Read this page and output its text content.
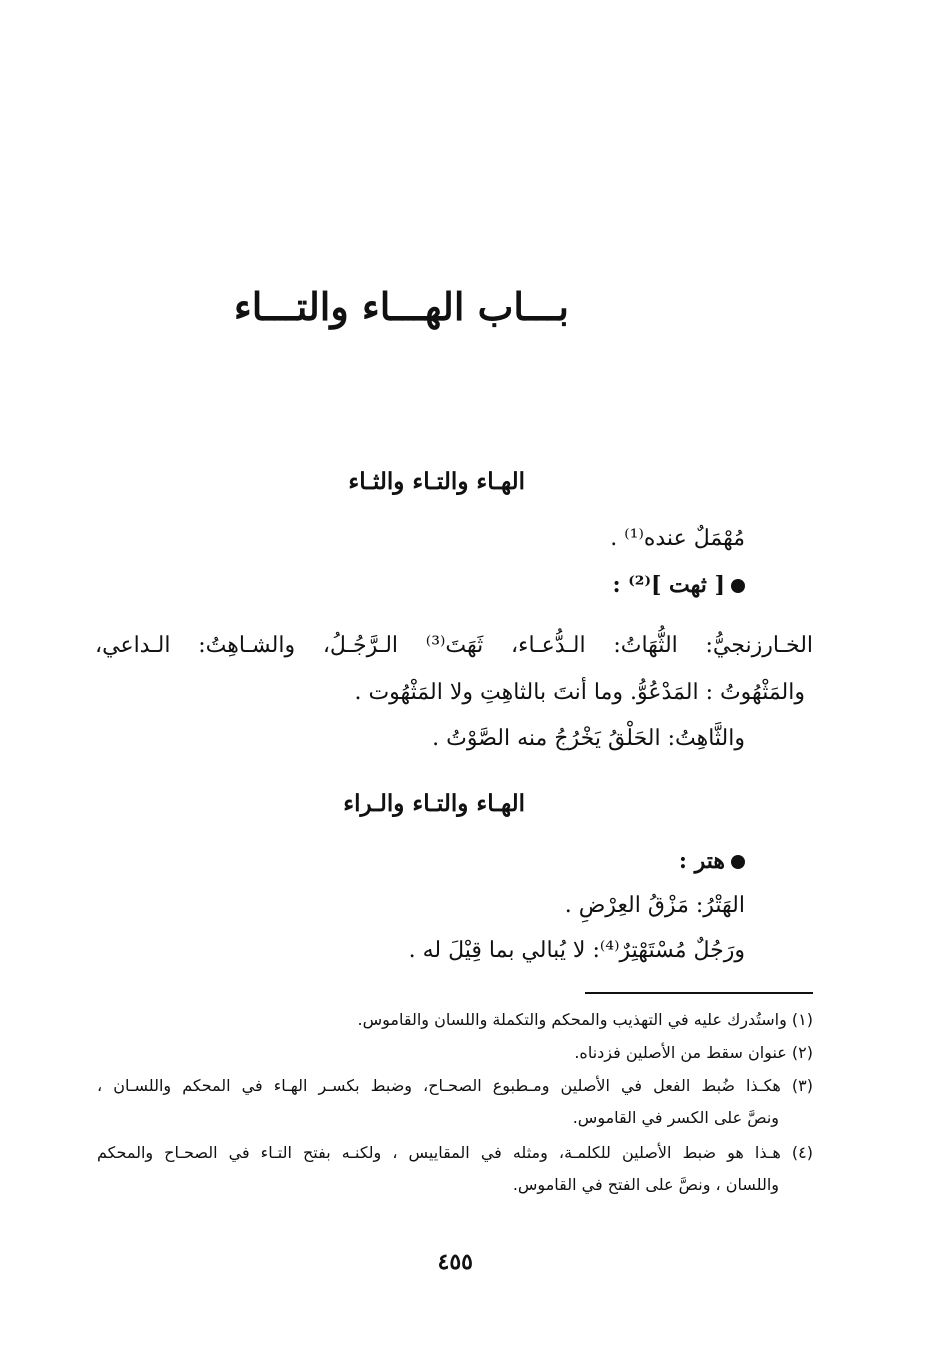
بـــاب الهـــاء والتـــاء
الهـاء والتـاء والثـاء
مُهْمَلٌ عنده⁽¹⁾ .
[ ثهت ]⁽²⁾ :
الخـارزنجيُّ: الثُّهَاتُ: الـدُّعـاء، ثَهَتَ⁽³⁾ الـرَّجُـلُ، والشـاهِتُ: الـداعي،
والمَثْهُوتُ : المَدْعُوُّ. وما أنتَ بالثاهِتِ ولا المَثْهُوت .
والثَّاهِتُ: الحَلْقُ يَخْرُجُ منه الصَّوْتُ .
الهـاء والتـاء والـراء
هتر :
الهَتْرُ: مَزْقُ العِرْضِ .
ورَجُلٌ مُسْتَهْتِرٌ⁽⁴⁾: لا يُبالي بما قِيْلَ له .
(١) واستُدرك عليه في التهذيب والمحكم والتكملة واللسان والقاموس.
(٢) عنوان سقط من الأصلين فزدناه.
(٣) هكـذا ضُبط الفعل في الأصلين ومـطبوع الصحـاح، وضبط بكسـر الهـاء في المحكم واللسـان ،
ونصَّ على الكسر في القاموس.
(٤) هـذا هو ضبط الأصلين للكلمـة، ومثله في المقاييس ، ولكنـه بفتح التـاء في الصحـاح والمحكم
واللسان ، ونصَّ على الفتح في القاموس.
٤٥٥
